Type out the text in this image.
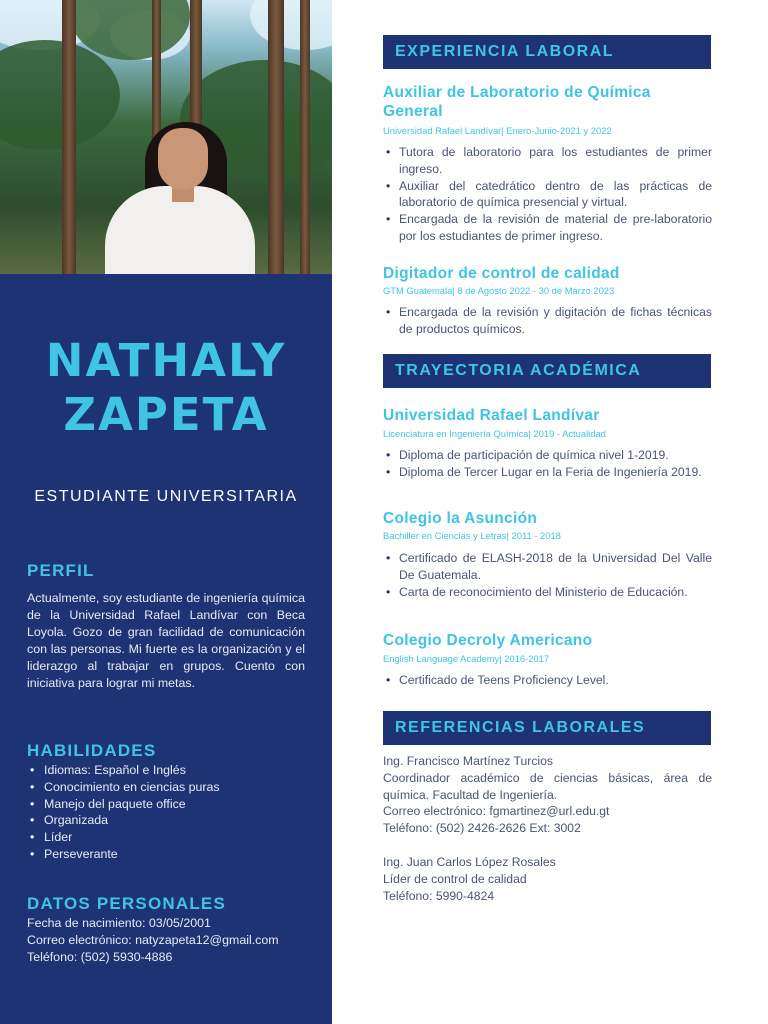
NATHALY
ZAPETA
ESTUDIANTE UNIVERSITARIA
PERFIL
Actualmente, soy estudiante de ingeniería química de la Universidad Rafael Landívar con Beca Loyola. Gozo de gran facilidad de comunicación con las personas. Mi fuerte es la organización y el liderazgo al trabajar en grupos. Cuento con iniciativa para lograr mi metas.
HABILIDADES
• Idiomas: Español e Inglés
• Conocimiento en ciencias puras
• Manejo del paquete office
• Organizada
• Líder
• Perseverante
DATOS PERSONALES
Fecha de nacimiento: 03/05/2001
Correo electrónico: natyzapeta12@gmail.com
Teléfono: (502) 5930-4886
EXPERIENCIA LABORAL
Auxiliar de Laboratorio de Química General
Universidad Rafael Landívar| Enero-Junio-2021 y 2022
• Tutora de laboratorio para los estudiantes de primer ingreso.
• Auxiliar del catedrático dentro de las prácticas de laboratorio de química presencial y virtual.
• Encargada de la revisión de material de pre-laboratorio por los estudiantes de primer ingreso.
Digitador de control de calidad
GTM Guatemala| 8 de Agosto 2022 - 30 de Marzo 2023
• Encargada de la revisión y digitación de fichas técnicas de productos químicos.
TRAYECTORIA ACADÉMICA
Universidad Rafael Landívar
Licenciatura en Ingeniería Química| 2019 - Actualidad
• Diploma de participación de química nivel 1-2019.
• Diploma de Tercer Lugar en la Feria de Ingeniería 2019.
Colegio la Asunción
Bachiller en Ciencias y Letras| 2011 - 2018
• Certificado de ELASH-2018 de la Universidad Del Valle De Guatemala.
• Carta de reconocimiento del Ministerio de Educación.
Colegio Decroly Americano
English Language Academy| 2016-2017
• Certificado de Teens Proficiency Level.
REFERENCIAS LABORALES
Ing. Francisco Martínez Turcios
Coordinador académico de ciencias básicas, área de química. Facultad de Ingeniería.
Correo electrónico: fgmartinez@url.edu.gt
Teléfono: (502) 2426-2626 Ext: 3002
Ing. Juan Carlos López Rosales
Líder de control de calidad
Teléfono: 5990-4824
